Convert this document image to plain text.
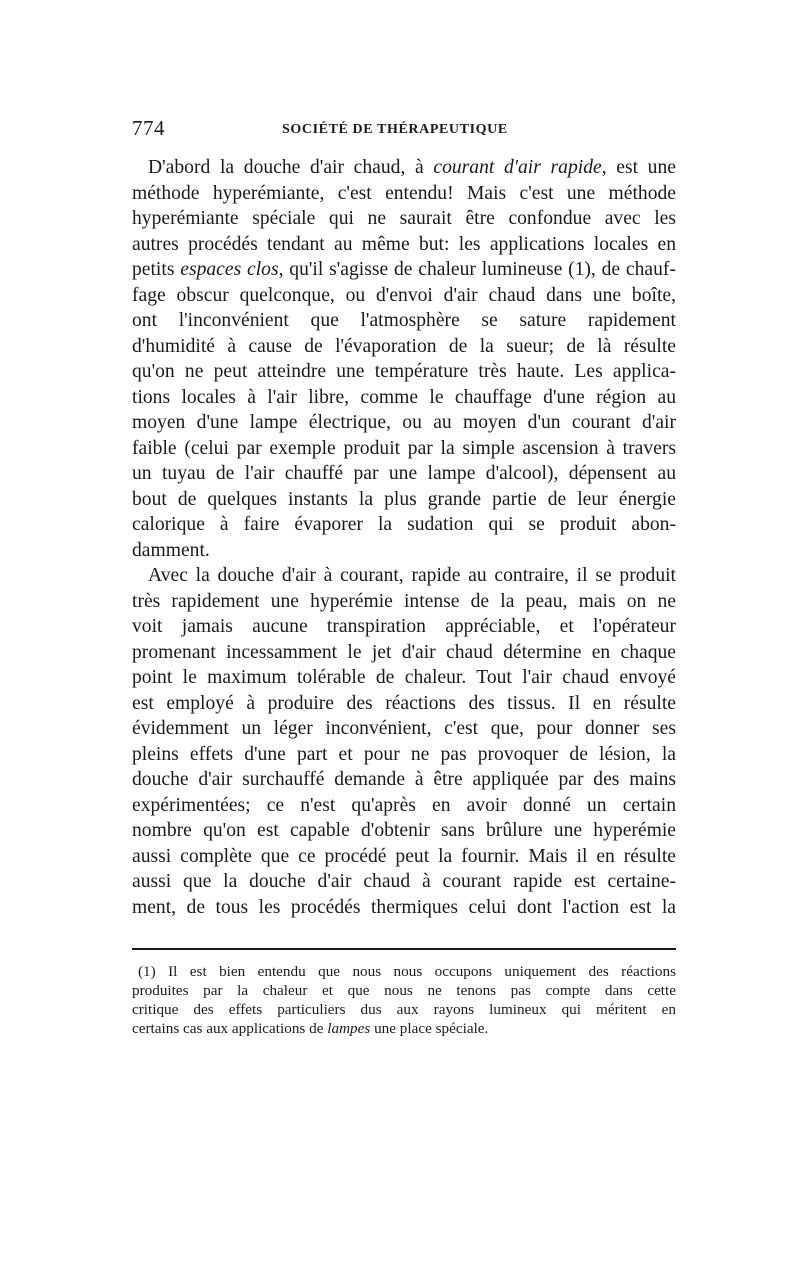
774	SOCIÉTÉ DE THÉRAPEUTIQUE
D'abord la douche d'air chaud, à courant d'air rapide, est une
méthode hyperémiante, c'est entendu! Mais c'est une méthode
hyperémiante spéciale qui ne saurait être confondue avec les
autres procédés tendant au même but: les applications locales en
petits espaces clos, qu'il s'agisse de chaleur lumineuse (1), de chauf-
fage obscur quelconque, ou d'envoi d'air chaud dans une boîte,
ont l'inconvénient que l'atmosphère se sature rapidement
d'humidité à cause de l'évaporation de la sueur; de là résulte
qu'on ne peut atteindre une température très haute. Les applica-
tions locales à l'air libre, comme le chauffage d'une région au
moyen d'une lampe électrique, ou au moyen d'un courant d'air
faible (celui par exemple produit par la simple ascension à travers
un tuyau de l'air chauffé par une lampe d'alcool), dépensent au
bout de quelques instants la plus grande partie de leur énergie
calorique à faire évaporer la sudation qui se produit abon-
damment.
Avec la douche d'air à courant, rapide au contraire, il se produit
très rapidement une hyperémie intense de la peau, mais on ne
voit jamais aucune transpiration appréciable, et l'opérateur
promenant incessamment le jet d'air chaud détermine en chaque
point le maximum tolérable de chaleur. Tout l'air chaud envoyé
est employé à produire des réactions des tissus. Il en résulte
évidemment un léger inconvénient, c'est que, pour donner ses
pleins effets d'une part et pour ne pas provoquer de lésion, la
douche d'air surchauffé demande à être appliquée par des mains
expérimentées; ce n'est qu'après en avoir donné un certain
nombre qu'on est capable d'obtenir sans brûlure une hyperémie
aussi complète que ce procédé peut la fournir. Mais il en résulte
aussi que la douche d'air chaud à courant rapide est certaine-
ment, de tous les procédés thermiques celui dont l'action est la
(1) Il est bien entendu que nous nous occupons uniquement des réactions
produites par la chaleur et que nous ne tenons pas compte dans cette
critique des effets particuliers dus aux rayons lumineux qui méritent en
certains cas aux applications de lampes une place spéciale.
